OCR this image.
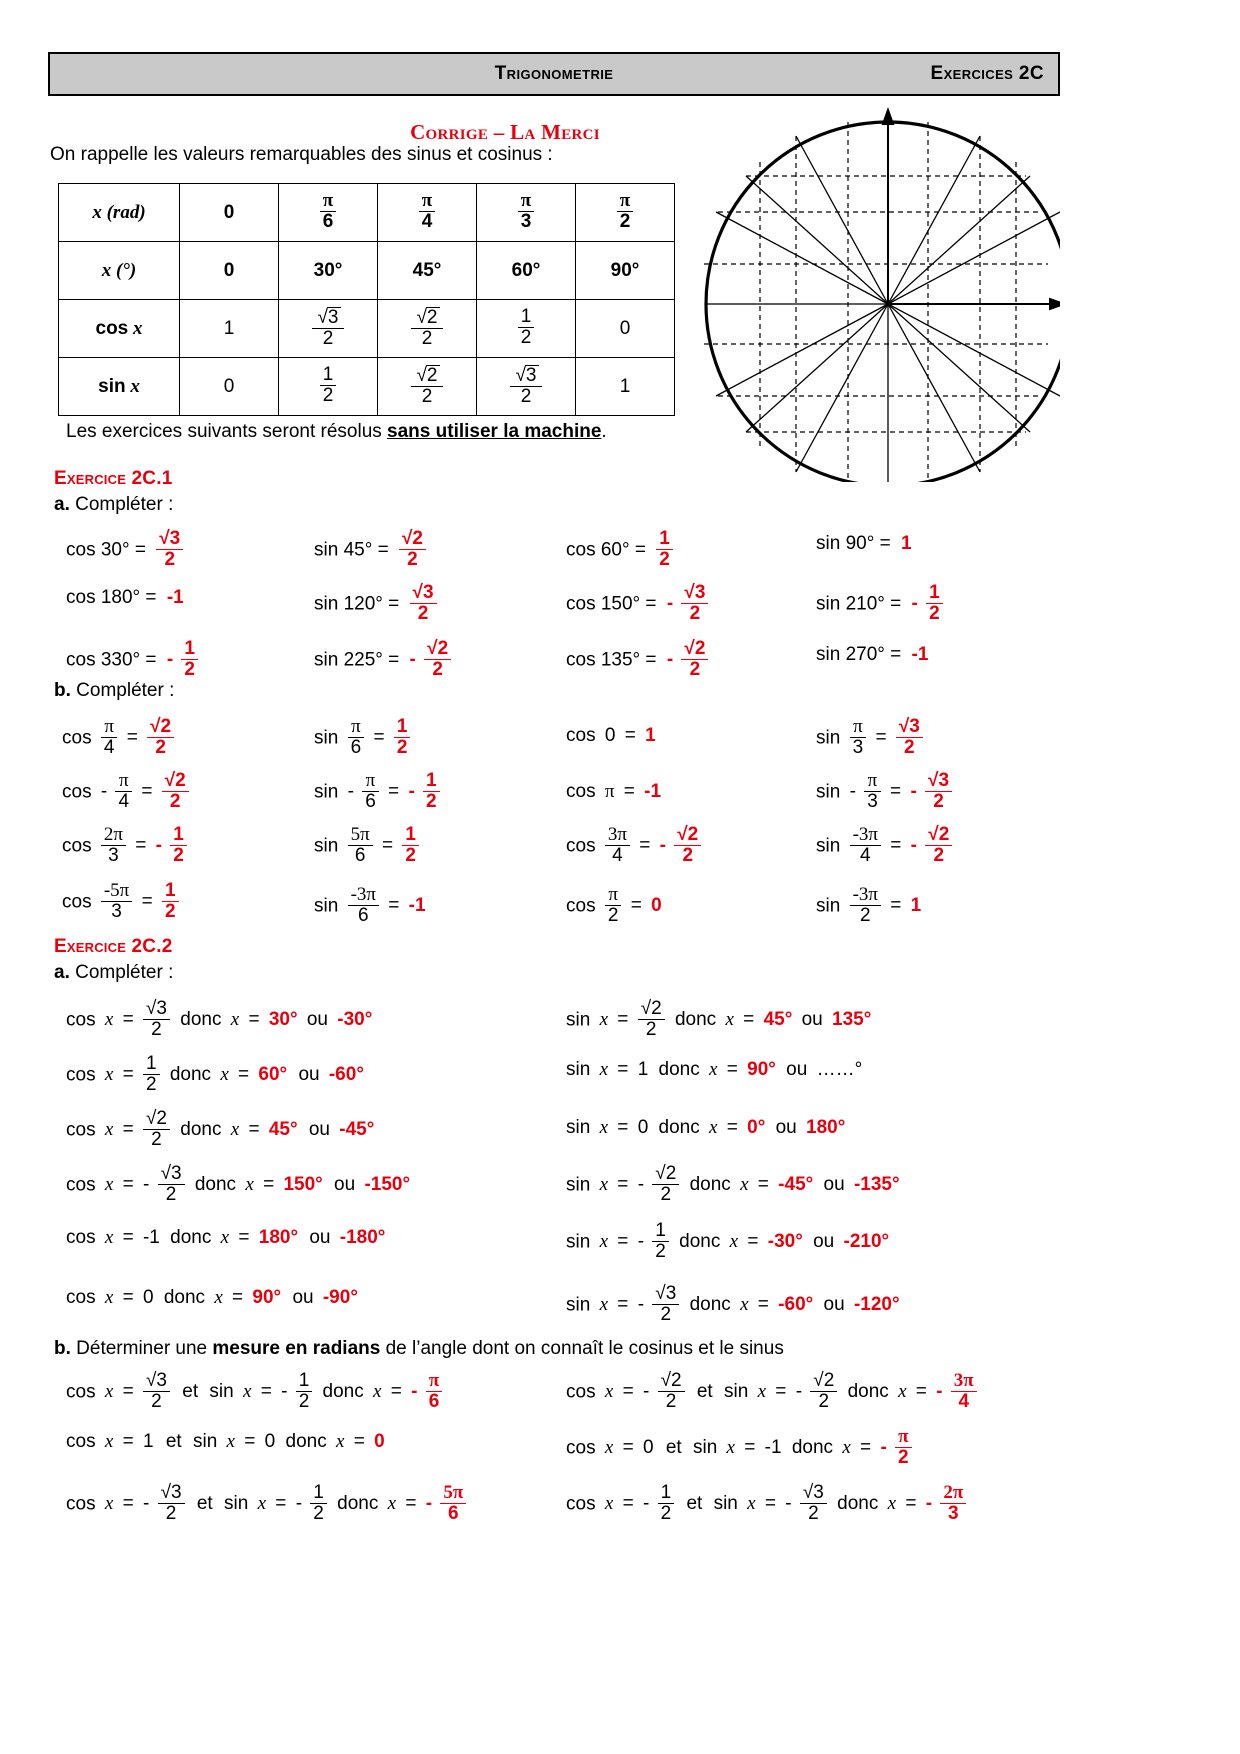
Trigonometrie	Exercices 2C
Corrige – La Merci
On rappelle les valeurs remarquables des sinus et cosinus :
x (rad)	0	$\frac{\pi}{6}$	$\frac{\pi}{4}$	$\frac{\pi}{3}$	$\frac{\pi}{2}$

x (°)	0	30°	45°	60°	90°
cos x	1	$\frac{√3}{2}$	$\frac{√2}{2}$	$\frac{1}{2}$	0
sin x	0	$\frac{1}{2}$	$\frac{√2}{2}$	$\frac{√3}{2}$	1
Les exercices suivants seront résolus sans utiliser la machine.
Exercice 2C.1
a. Compléter :
$\cos 30^\circ = \frac{√3}{2}$	$\sin 45^\circ = \frac{√2}{2}$	$\cos 60^\circ = \frac{1}{2}$	sin 90° = 1
cos 180° = -1	$\sin 120^\circ = \frac{√3}{2}$	cos 150° = - $\frac{√3}{2}$	sin 210° = - $\frac{1}{2}$
cos 330° = - $\frac{1}{2}$	sin 225° = - $\frac{√2}{2}$	cos 135° = - $\frac{√2}{2}$	sin 270° = -1
b. Compléter :
$\cos \frac{\pi}{4} = \frac{√2}{2}$	$\sin \frac{\pi}{6} = \frac{1}{2}$	cos 0 = 1	$\sin \frac{\pi}{3} = \frac{√3}{2}$
$\cos - \frac{\pi}{4} = \frac{√2}{2}$	sin - $\frac{\pi}{6}$ = - $\frac{1}{2}$	cos π = -1	sin - $\frac{\pi}{3}$ = - $\frac{√3}{2}$
$\cos \frac{2\pi}{3}$ = - $\frac{1}{2}$	$\sin \frac{5\pi}{6} = \frac{1}{2}$	$\cos \frac{3\pi}{4}$ = - $\frac{√2}{2}$	$\sin \frac{-3\pi}{4}$ = - $\frac{√2}{2}$
$\cos \frac{-5\pi}{3} = \frac{1}{2}$	$\sin \frac{-3\pi}{6} = -1$	$\cos \frac{\pi}{2} = 0$	$\sin \frac{-3\pi}{2} = 1$
Exercice 2C.2
a. Compléter :
$\cos x = \frac{√3}{2}$ donc x = 30° ou -30°
$\cos x = \frac{1}{2}$ donc x = 60° ou -60°
$\cos x = \frac{√2}{2}$ donc x = 45° ou -45°
cos x = - $\frac{√3}{2}$ donc x = 150° ou -150°
cos x = -1 donc x = 180° ou -180°
cos x = 0 donc x = 90° ou -90°
$\sin x = \frac{√2}{2}$ donc x = 45° ou 135°
sin x = 1 donc x = 90° ou ……°
sin x = 0 donc x = 0° ou 180°
sin x = - $\frac{√2}{2}$ donc x = -45° ou -135°
sin x = - $\frac{1}{2}$ donc x = -30° ou -210°
sin x = - $\frac{√3}{2}$ donc x = -60° ou -120°
b. Déterminer une mesure en radians de l’angle dont on connaît le cosinus et le sinus
$\cos x = \frac{√3}{2}$ et sin x = - $\frac{1}{2}$ donc x = - $\frac{\pi}{6}$
cos x = 1 et sin x = 0 donc x = 0
cos x = - $\frac{√3}{2}$ et sin x = - $\frac{1}{2}$ donc x = - $\frac{5\pi}{6}$
cos x = - $\frac{√2}{2}$ et sin x = - $\frac{√2}{2}$ donc x = - $\frac{3\pi}{4}$
cos x = 0 et sin x = -1 donc x = - $\frac{\pi}{2}$
cos x = - $\frac{1}{2}$ et sin x = - $\frac{√3}{2}$ donc x = - $\frac{2\pi}{3}$
